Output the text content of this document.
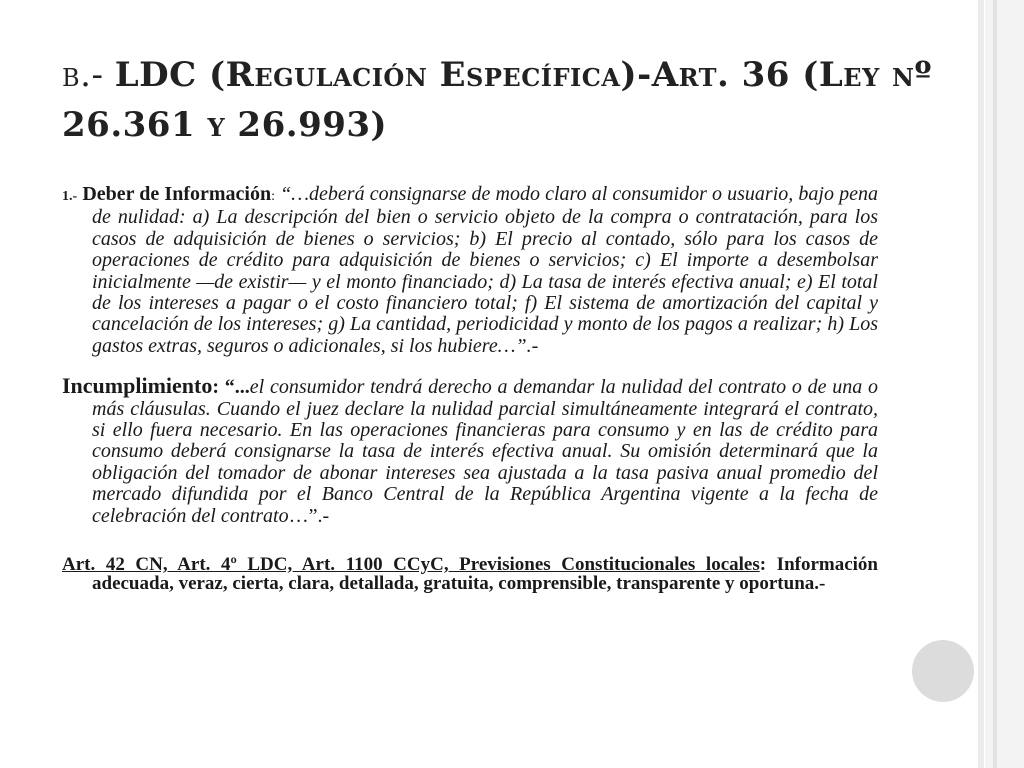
b.- LDC (Regulación Específica)-Art. 36 (Ley nº 26.361 y 26.993)
1.- Deber de Información: “…deberá consignarse de modo claro al consumidor o usuario, bajo pena de nulidad: a) La descripción del bien o servicio objeto de la compra o contratación, para los casos de adquisición de bienes o servicios; b) El precio al contado, sólo para los casos de operaciones de crédito para adquisición de bienes o servicios; c) El importe a desembolsar inicialmente —de existir— y el monto financiado; d) La tasa de interés efectiva anual; e) El total de los intereses a pagar o el costo financiero total; f) El sistema de amortización del capital y cancelación de los intereses; g) La cantidad, periodicidad y monto de los pagos a realizar; h) Los gastos extras, seguros o adicionales, si los hubiere…”.-
Incumplimiento: “...el consumidor tendrá derecho a demandar la nulidad del contrato o de una o más cláusulas. Cuando el juez declare la nulidad parcial simultáneamente integrará el contrato, si ello fuera necesario. En las operaciones financieras para consumo y en las de crédito para consumo deberá consignarse la tasa de interés efectiva anual. Su omisión determinará que la obligación del tomador de abonar intereses sea ajustada a la tasa pasiva anual promedio del mercado difundida por el Banco Central de la República Argentina vigente a la fecha de celebración del contrato…”.-
Art. 42 CN, Art. 4º LDC, Art. 1100 CCyC, Previsiones Constitucionales locales: Información adecuada, veraz, cierta, clara, detallada, gratuita, comprensible, transparente y oportuna.-
